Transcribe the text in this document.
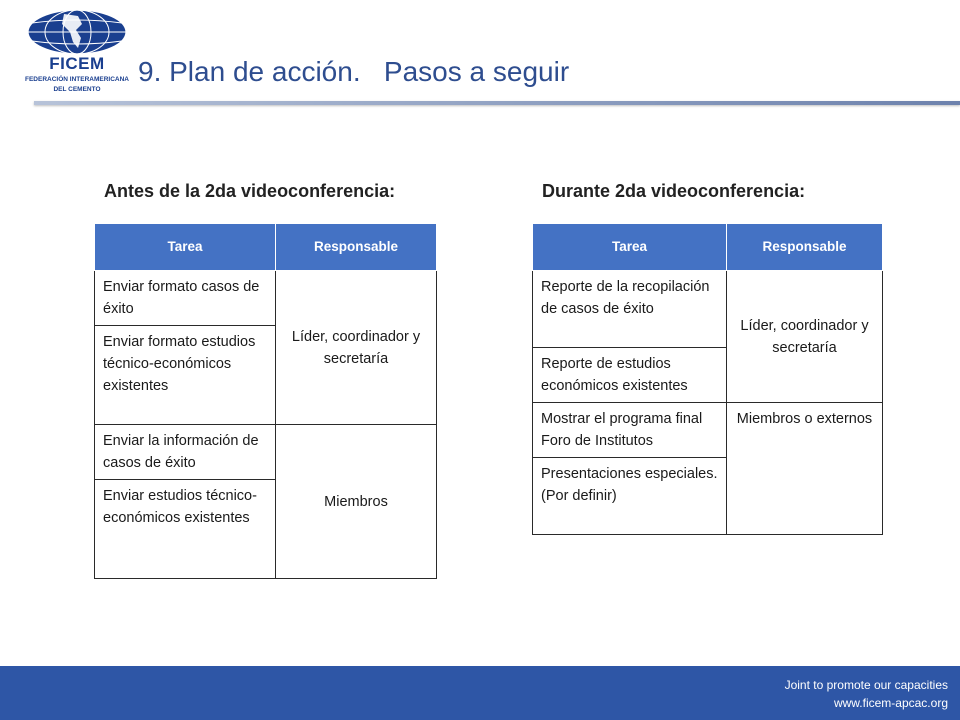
FICEM
FEDERACIÓN INTERAMERICANA
DEL CEMENTO
9. Plan de acción.   Pasos a seguir
Antes de la 2da videoconferencia:	Durante 2da videoconferencia:
Tarea	Responsable
Enviar formato casos de éxito	Líder, coordinador y secretaría
Enviar formato estudios técnico-económicos existentes	
Enviar la información de casos de éxito	Miembros
Enviar estudios técnico-económicos existentes	
Tarea	Responsable
Reporte de la recopilación de casos de éxito	Líder, coordinador y secretaría
Reporte de estudios económicos existentes	
Mostrar el programa final Foro de Institutos	Miembros o externos
Presentaciones especiales. (Por definir)	
Joint to promote our capacities
www.ficem-apcac.org
